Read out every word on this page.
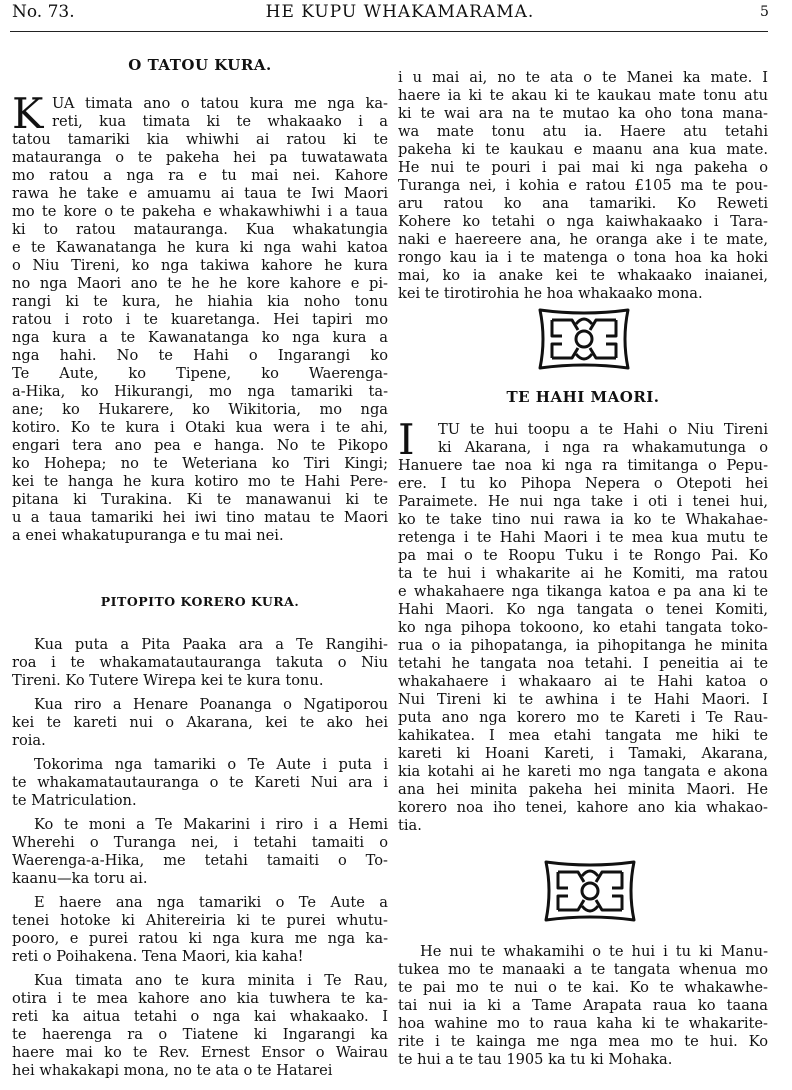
No. 73.	HE KUPU WHAKAMARAMA.	5
O TATOU KURA.
K UA timata ano o tatou kura me nga ka-
reti, kua timata ki te whakaako i a
tatou tamariki kia whiwhi ai ratou ki te
matauranga o te pakeha hei pa tuwatawata
mo ratou a nga ra e tu mai nei. Kahore
rawa he take e amuamu ai taua te Iwi Maori
mo te kore o te pakeha e whakawhiwhi i a taua
ki to ratou matauranga. Kua whakatungia
e te Kawanatanga he kura ki nga wahi katoa
o Niu Tireni, ko nga takiwa kahore he kura
no nga Maori ano te he he kore kahore e pi-
rangi ki te kura, he hiahia kia noho tonu
ratou i roto i te kuaretanga. Hei tapiri mo
nga kura a te Kawanatanga ko nga kura a
nga hahi. No te Hahi o Ingarangi ko
Te Aute, ko Tipene, ko Waerenga-
a-Hika, ko Hikurangi, mo nga tamariki ta-
ane; ko Hukarere, ko Wikitoria, mo nga
kotiro. Ko te kura i Otaki kua wera i te ahi,
engari tera ano pea e hanga. No te Pikopo
ko Hohepa; no te Weteriana ko Tiri Kingi;
kei te hanga he kura kotiro mo te Hahi Pere-
pitana ki Turakina. Ki te manawanui ki te
u a taua tamariki hei iwi tino matau te Maori
a enei whakatupuranga e tu mai nei.
PITOPITO KORERO KURA.
Kua puta a Pita Paaka ara a Te Rangihi-
roa i te whakamatautauranga takuta o Niu
Tireni. Ko Tutere Wirepa kei te kura tonu.
Kua riro a Henare Poananga o Ngatiporou
kei te kareti nui o Akarana, kei te ako hei
roia.
Tokorima nga tamariki o Te Aute i puta i
te whakamatautauranga o te Kareti Nui ara i
te Matriculation.
Ko te moni a Te Makarini i riro i a Hemi
Wherehi o Turanga nei, i tetahi tamaiti o
Waerenga-a-Hika, me tetahi tamaiti o To-
kaanu—ka toru ai.
E haere ana nga tamariki o Te Aute a
tenei hotoke ki Ahitereiria ki te purei whutu-
pooro, e purei ratou ki nga kura me nga ka-
reti o Poihakena. Tena Maori, kia kaha!
Kua timata ano te kura minita i Te Rau,
otira i te mea kahore ano kia tuwhera te ka-
reti ka aitua tetahi o nga kai whakaako. I
te haerenga ra o Tiatene ki Ingarangi ka
haere mai ko te Rev. Ernest Ensor o Wairau
hei whakakapi mona, no te ata o te Hatarei
i u mai ai, no te ata o te Manei ka mate. I
haere ia ki te akau ki te kaukau mate tonu atu
ki te wai ara na te mutao ka oho tona mana-
wa mate tonu atu ia. Haere atu tetahi
pakeha ki te kaukau e maanu ana kua mate.
He nui te pouri i pai mai ki nga pakeha o
Turanga nei, i kohia e ratou £105 ma te pou-
aru ratou ko ana tamariki. Ko Reweti
Kohere ko tetahi o nga kaiwhakaako i Tara-
naki e haereere ana, he oranga ake i te mate,
rongo kau ia i te matenga o tona hoa ka hoki
mai, ko ia anake kei te whakaako inaianei,
kei te tirotirohia he hoa whakaako mona.
TE HAHI MAORI.
I	TU te hui toopu a te Hahi o Niu Tireni
ki Akarana, i nga ra whakamutunga o
Hanuere tae noa ki nga ra timitanga o Pepu-
ere. I tu ko Pihopa Nepera o Otepoti hei
Paraimete. He nui nga take i oti i tenei hui,
ko te take tino nui rawa ia ko te Whakahae-
retenga i te Hahi Maori i te mea kua mutu te
pa mai o te Roopu Tuku i te Rongo Pai. Ko
ta te hui i whakarite ai he Komiti, ma ratou
e whakahaere nga tikanga katoa e pa ana ki te
Hahi Maori. Ko nga tangata o tenei Komiti,
ko nga pihopa tokoono, ko etahi tangata toko-
rua o ia pihopatanga, ia pihopitanga he minita
tetahi he tangata noa tetahi. I peneitia ai te
whakahaere i whakaaro ai te Hahi katoa o
Nui Tireni ki te awhina i te Hahi Maori. I
puta ano nga korero mo te Kareti i Te Rau-
kahikatea. I mea etahi tangata me hiki te
kareti ki Hoani Kareti, i Tamaki, Akarana,
kia kotahi ai he kareti mo nga tangata e akona
ana hei minita pakeha hei minita Maori. He
korero noa iho tenei, kahore ano kia whakao-
tia.
He nui te whakamihi o te hui i tu ki Manu-
tukea mo te manaaki a te tangata whenua mo
te pai mo te nui o te kai. Ko te whakawhe-
tai nui ia ki a Tame Arapata raua ko taana
hoa wahine mo to raua kaha ki te whakarite-
rite i te kainga me nga mea mo te hui. Ko
te hui a te tau 1905 ka tu ki Mohaka.
